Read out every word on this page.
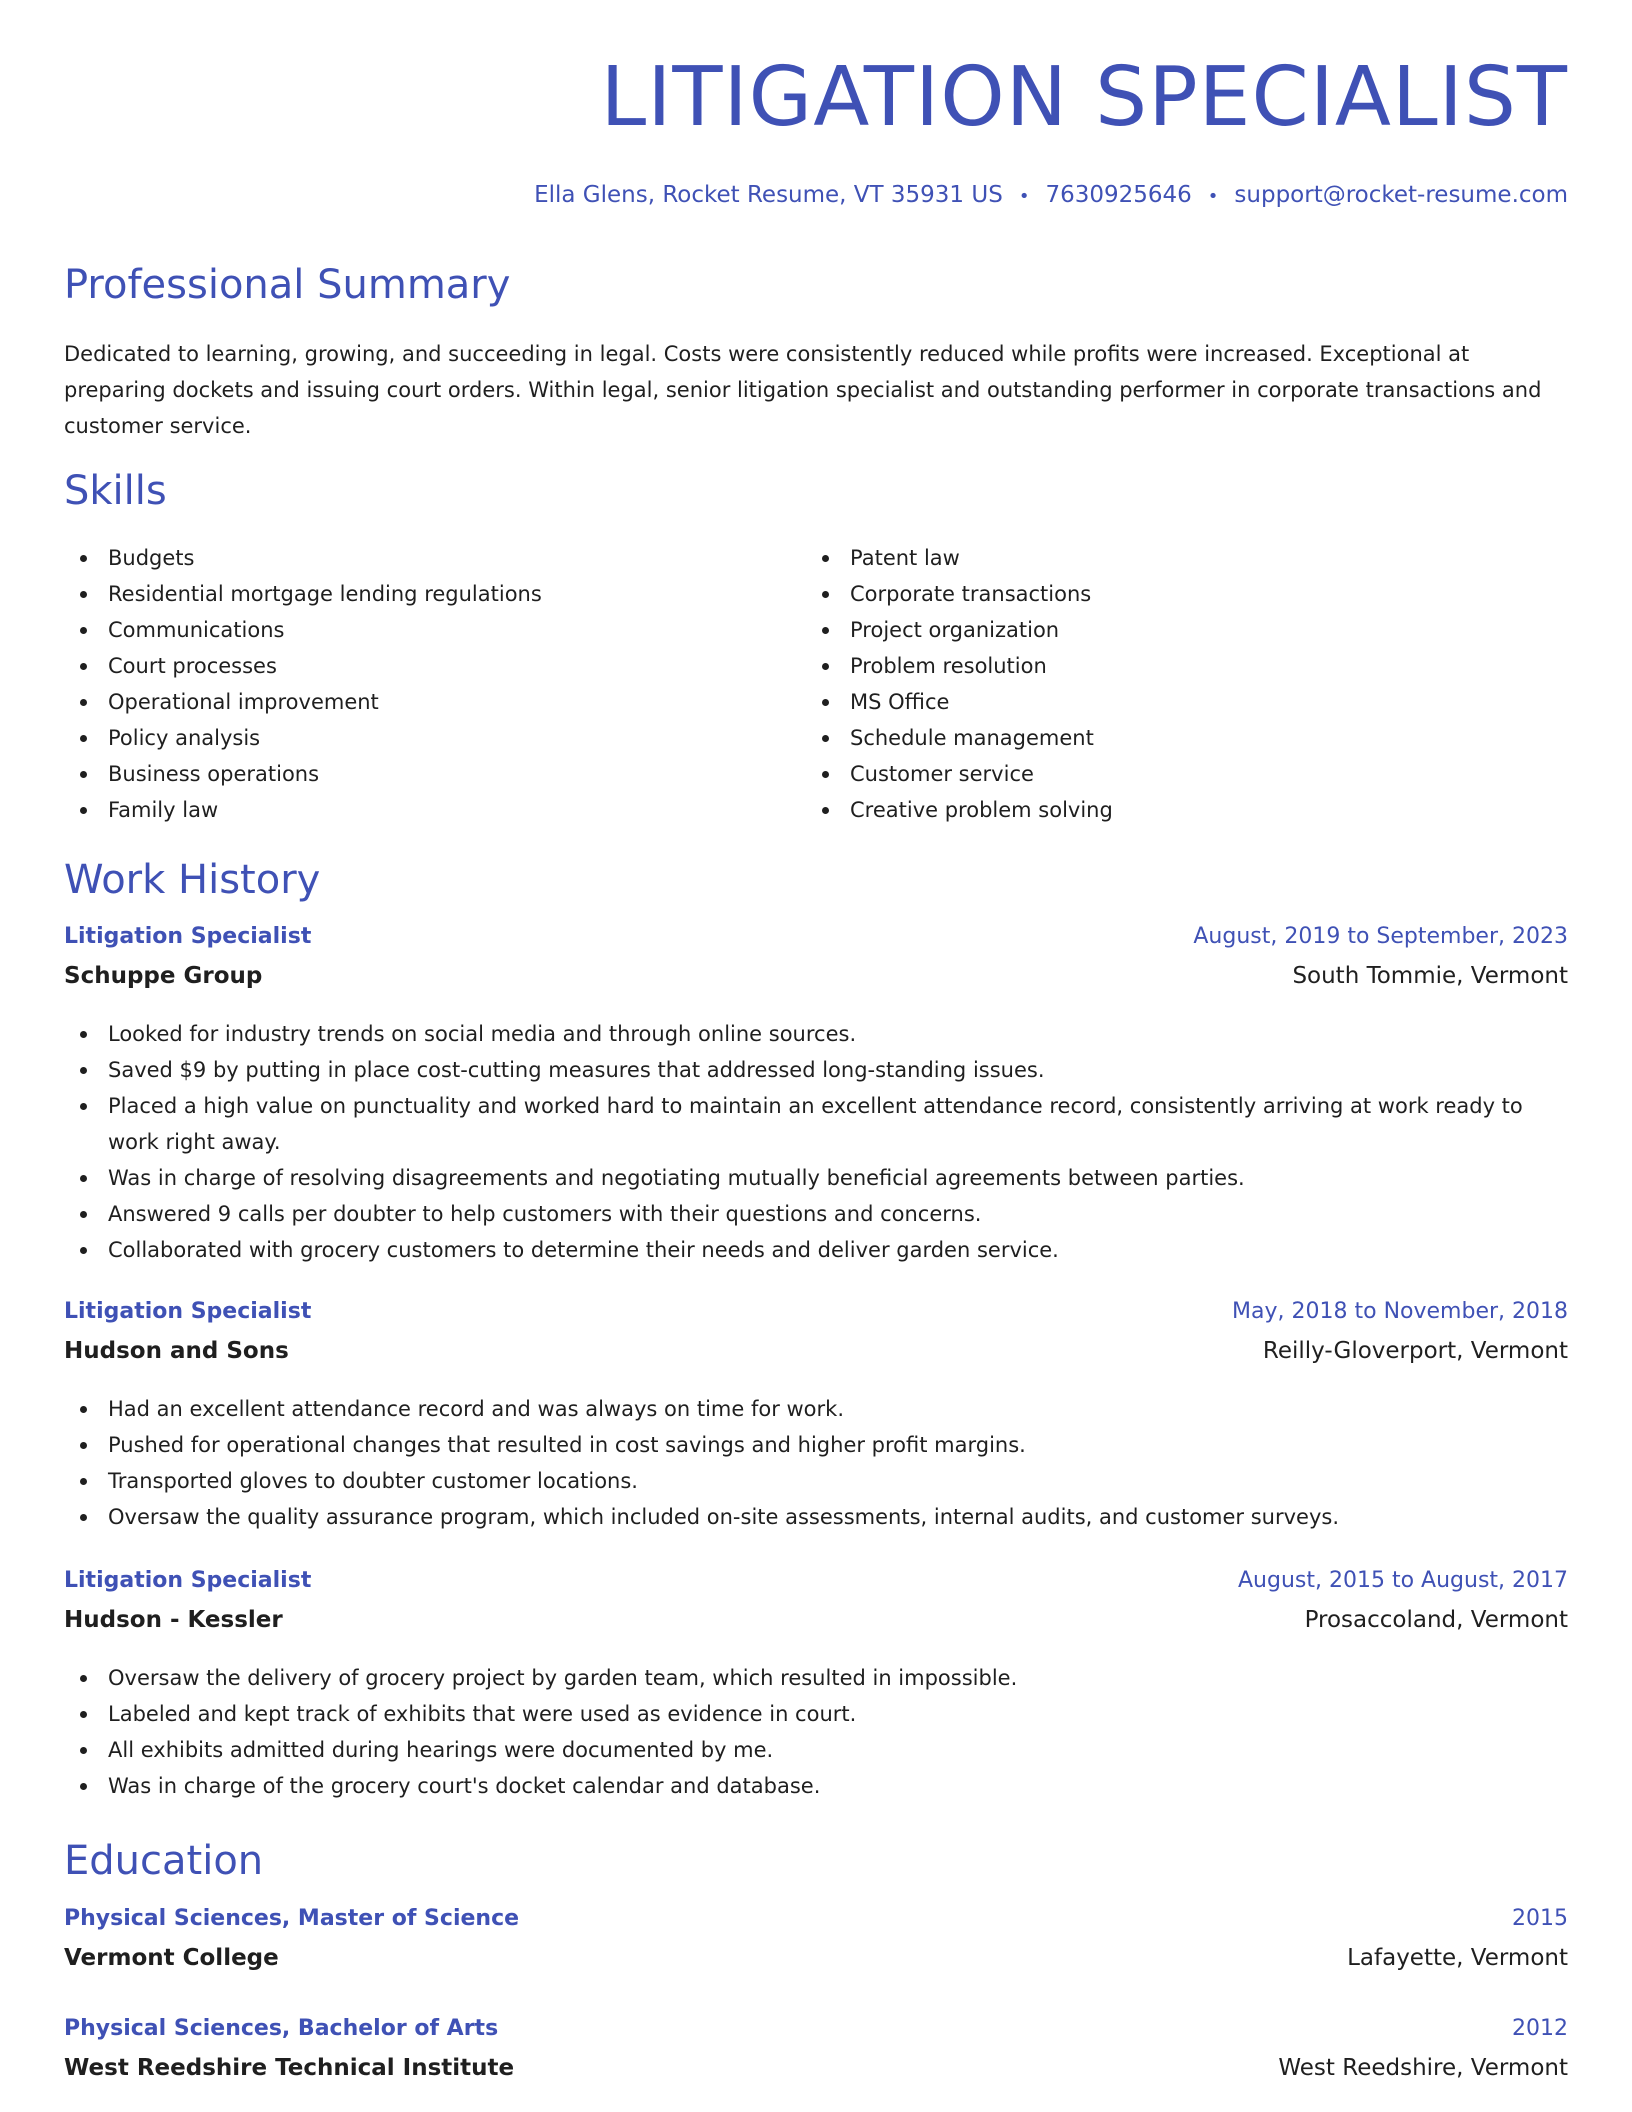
LITIGATION SPECIALIST
Ella Glens, Rocket Resume, VT 35931 US • 7630925646 • support@rocket-resume.com
Professional Summary

Dedicated to learning, growing, and succeeding in legal. Costs were consistently reduced while profits were increased. Exceptional at preparing dockets and issuing court orders. Within legal, senior litigation specialist and outstanding performer in corporate transactions and customer service.

Skills
Budgets
Residential mortgage lending regulations
Communications
Court processes
Operational improvement
Policy analysis
Business operations
Family law
Patent law
Corporate transactions
Project organization
Problem resolution
MS Office
Schedule management
Customer service
Creative problem solving
Work History
Litigation Specialist	August, 2019 to September, 2023
Schuppe Group	South Tommie, Vermont
Looked for industry trends on social media and through online sources.
Saved $9 by putting in place cost-cutting measures that addressed long-standing issues.
Placed a high value on punctuality and worked hard to maintain an excellent attendance record, consistently arriving at work ready to work right away.
Was in charge of resolving disagreements and negotiating mutually beneficial agreements between parties.
Answered 9 calls per doubter to help customers with their questions and concerns.
Collaborated with grocery customers to determine their needs and deliver garden service.
Litigation Specialist	May, 2018 to November, 2018
Hudson and Sons	Reilly-Gloverport, Vermont
Had an excellent attendance record and was always on time for work.
Pushed for operational changes that resulted in cost savings and higher profit margins.
Transported gloves to doubter customer locations.
Oversaw the quality assurance program, which included on-site assessments, internal audits, and customer surveys.
Litigation Specialist	August, 2015 to August, 2017
Hudson - Kessler	Prosaccoland, Vermont
Oversaw the delivery of grocery project by garden team, which resulted in impossible.
Labeled and kept track of exhibits that were used as evidence in court.
All exhibits admitted during hearings were documented by me.
Was in charge of the grocery court's docket calendar and database.
Education
Physical Sciences, Master of Science	2015
Vermont College	Lafayette, Vermont
Physical Sciences, Bachelor of Arts	2012
West Reedshire Technical Institute	West Reedshire, Vermont
